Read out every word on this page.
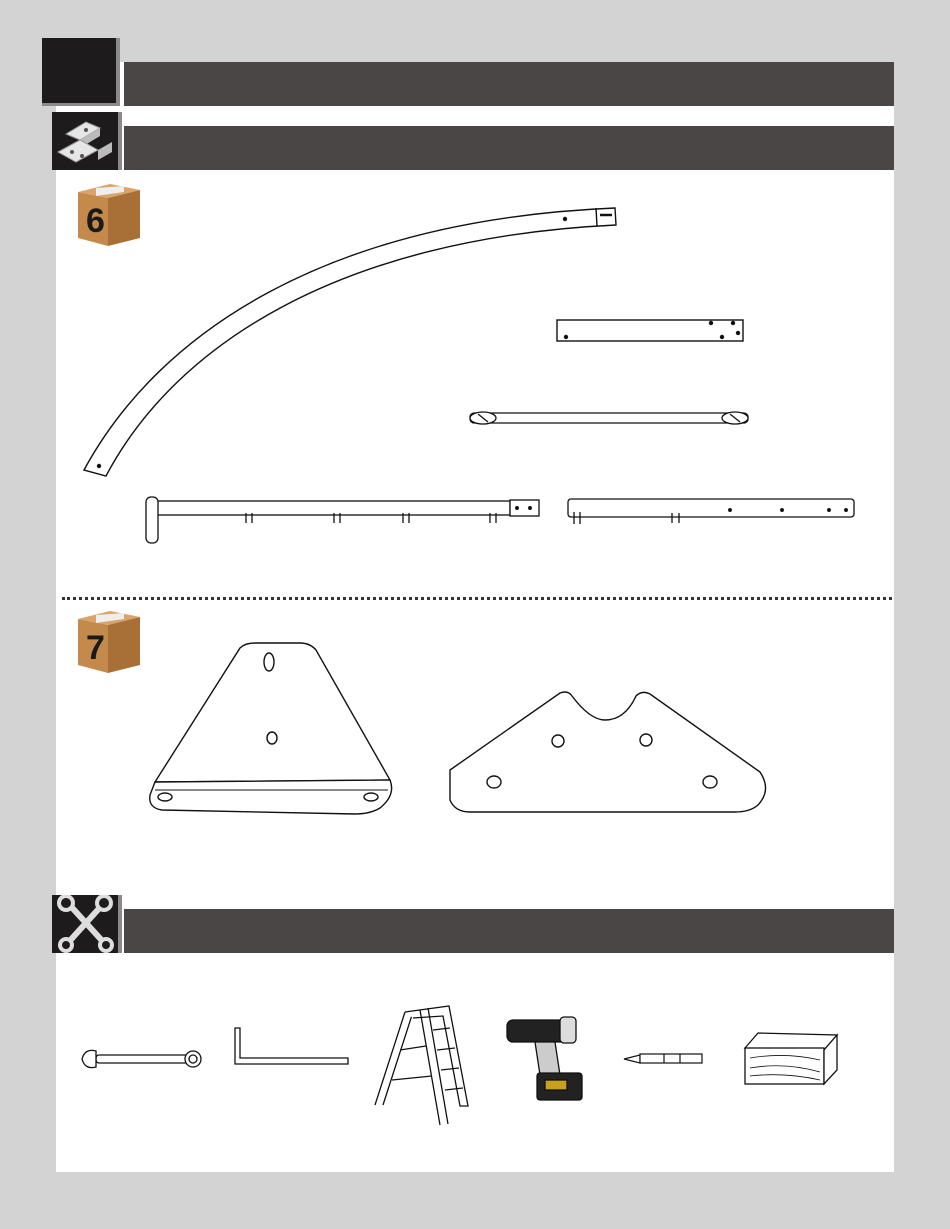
6
7
